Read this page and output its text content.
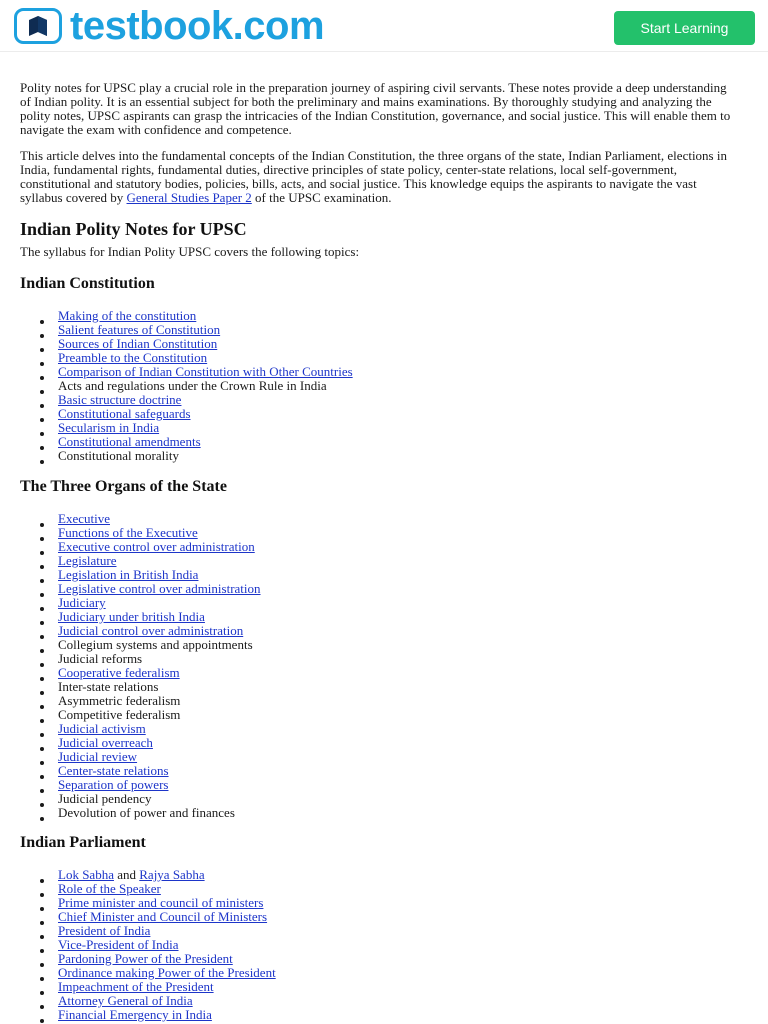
testbook.com	Start Learning

Polity notes for UPSC play a crucial role in the preparation journey of aspiring civil servants. These notes provide a deep understanding of Indian polity. It is an essential subject for both the preliminary and mains examinations. By thoroughly studying and analyzing the polity notes, UPSC aspirants can grasp the intricacies of the Indian Constitution, governance, and social justice. This will enable them to navigate the exam with confidence and competence.

This article delves into the fundamental concepts of the Indian Constitution, the three organs of the state, Indian Parliament, elections in India, fundamental rights, fundamental duties, directive principles of state policy, center-state relations, local self-government, constitutional and statutory bodies, policies, bills, acts, and social justice. This knowledge equips the aspirants to navigate the vast syllabus covered by General Studies Paper 2 of the UPSC examination.

Indian Polity Notes for UPSC

The syllabus for Indian Polity UPSC covers the following topics:

Indian Constitution
Making of the constitution
Salient features of Constitution
Sources of Indian Constitution
Preamble to the Constitution
Comparison of Indian Constitution with Other Countries
Acts and regulations under the Crown Rule in India
Basic structure doctrine
Constitutional safeguards
Secularism in India
Constitutional amendments
Constitutional morality
The Three Organs of the State
Executive
Functions of the Executive
Executive control over administration
Legislature
Legislation in British India
Legislative control over administration
Judiciary
Judiciary under british India
Judicial control over administration
Collegium systems and appointments
Judicial reforms
Cooperative federalism
Inter-state relations
Asymmetric federalism
Competitive federalism
Judicial activism
Judicial overreach
Judicial review
Center-state relations
Separation of powers
Judicial pendency
Devolution of power and finances
Indian Parliament
Lok Sabha and Rajya Sabha
Role of the Speaker
Prime minister and council of ministers
Chief Minister and Council of Ministers
President of India
Vice-President of India
Pardoning Power of the President
Ordinance making Power of the President
Impeachment of the President
Attorney General of India
Financial Emergency in India
